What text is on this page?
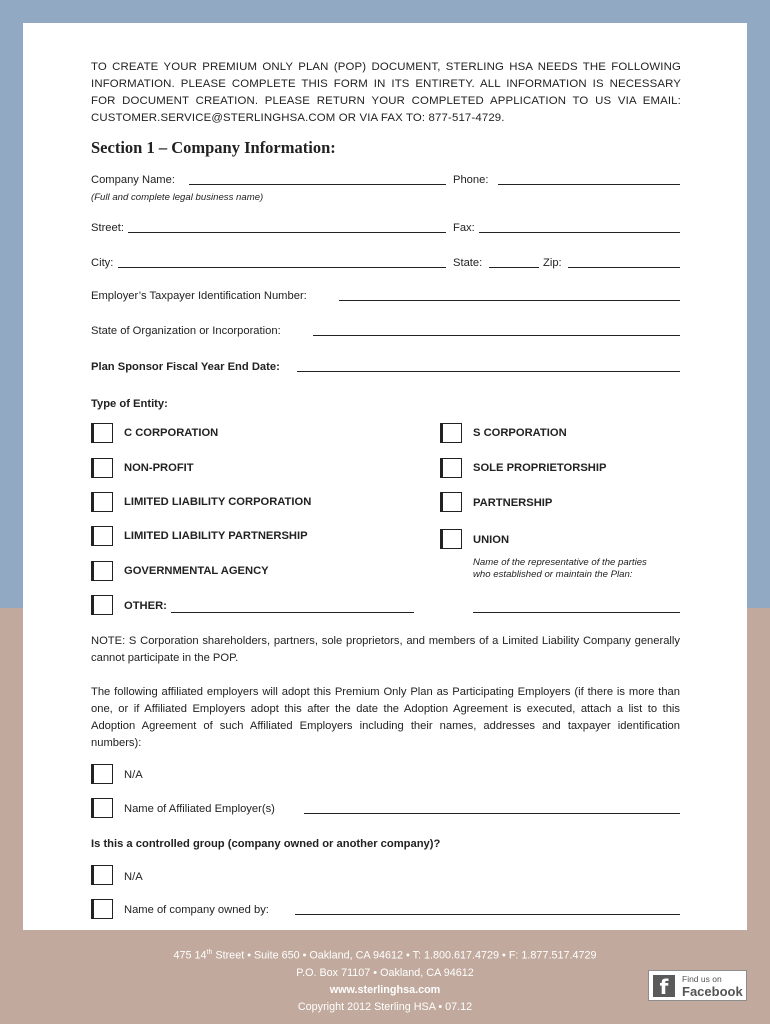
TO CREATE YOUR PREMIUM ONLY PLAN (POP) DOCUMENT, STERLING HSA NEEDS THE FOLLOWING
INFORMATION. PLEASE COMPLETE THIS FORM IN ITS ENTIRETY. ALL INFORMATION IS NECESSARY
FOR DOCUMENT CREATION. PLEASE RETURN YOUR COMPLETED APPLICATION TO US VIA EMAIL:

CUSTOMER.SERVICE@STERLINGHSA.COM OR VIA FAX TO: 877-517-4729.
Section 1 – Company Information:
Company Name:
(Full and complete legal business name)
Phone:
Street:	Fax:
City:	State:	Zip:
Employer’s Taxpayer Identification Number:
State of Organization or Incorporation:
Plan Sponsor Fiscal Year End Date:
Type of Entity:
C CORPORATION
NON-PROFIT
LIMITED LIABILITY CORPORATION
LIMITED LIABILITY PARTNERSHIP
GOVERNMENTAL AGENCY
OTHER:
S CORPORATION
SOLE PROPRIETORSHIP
PARTNERSHIP
UNION
Name of the representative of the parties
who established or maintain the Plan:
NOTE: S Corporation shareholders, partners, sole proprietors, and members of a Limited Liability Company generally cannot participate in the POP.
The following affiliated employers will adopt this Premium Only Plan as Participating Employers (if there is more than one, or if Affiliated Employers adopt this after the date the Adoption Agreement is executed, attach a list to this Adoption Agreement of such Affiliated Employers including their names, addresses and taxpayer identification numbers):
N/A
Name of Affiliated Employer(s)
Is this a controlled group (company owned or another company)?
N/A
Name of company owned by:
475 14th Street • Suite 650 • Oakland, CA 94612 • T: 1.800.617.4729 • F: 1.877.517.4729
P.O. Box 71107 • Oakland, CA 94612
www.sterlinghsa.com
Copyright 2012 Sterling HSA • 07.12
f	Find us on
Facebook
